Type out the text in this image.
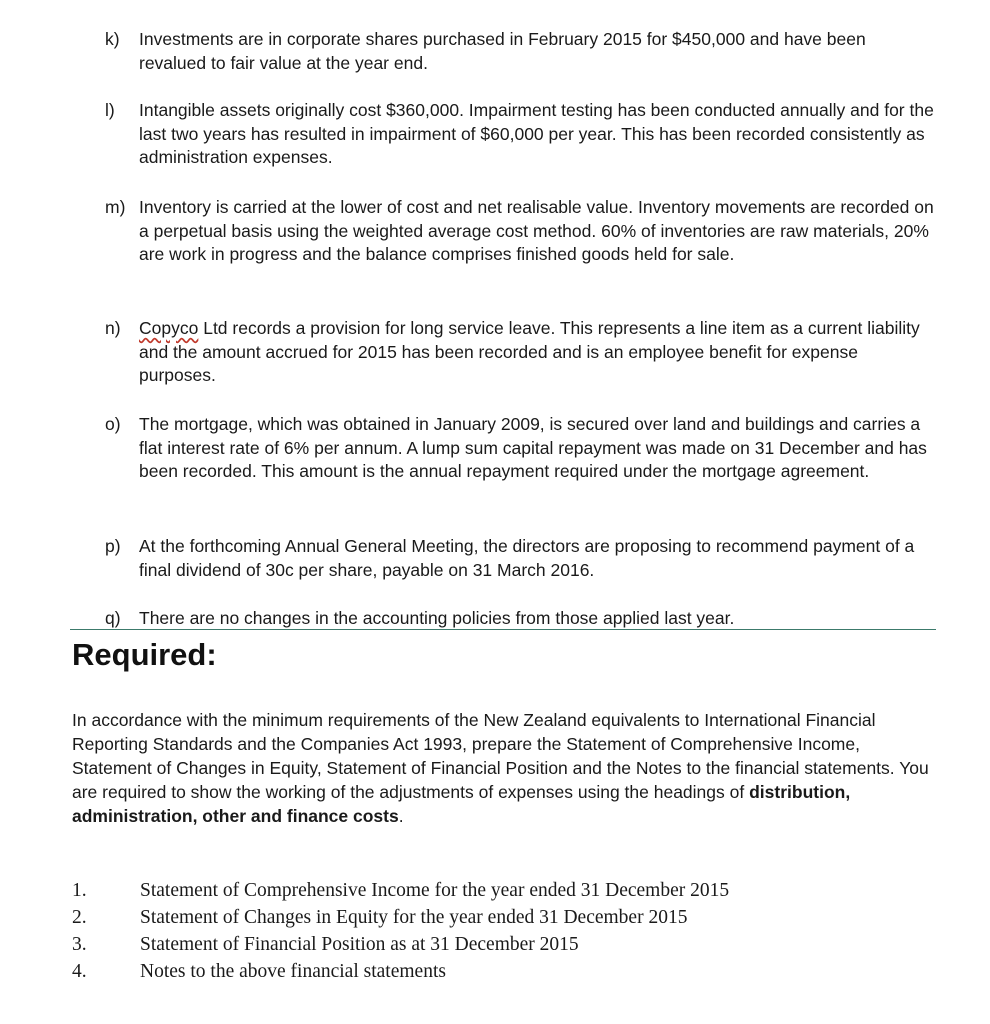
k)	Investments are in corporate shares purchased in February 2015 for $450,000 and have been revalued to fair value at the year end.
l)	Intangible assets originally cost $360,000. Impairment testing has been conducted annually and for the last two years has resulted in impairment of $60,000 per year. This has been recorded consistently as administration expenses.
m) Inventory is carried at the lower of cost and net realisable value. Inventory movements are recorded on a perpetual basis using the weighted average cost method. 60% of inventories are raw materials, 20% are work in progress and the balance comprises finished goods held for sale.
n)	Copyco Ltd records a provision for long service leave. This represents a line item as a current liability and the amount accrued for 2015 has been recorded and is an employee benefit for expense purposes.
o)	The mortgage, which was obtained in January 2009, is secured over land and buildings and carries a flat interest rate of 6% per annum. A lump sum capital repayment was made on 31 December and has been recorded. This amount is the annual repayment required under the mortgage agreement.
p)	At the forthcoming Annual General Meeting, the directors are proposing to recommend payment of a final dividend of 30c per share, payable on 31 March 2016.
q)	There are no changes in the accounting policies from those applied last year.
Required:
In accordance with the minimum requirements of the New Zealand equivalents to International Financial Reporting Standards and the Companies Act 1993, prepare the Statement of Comprehensive Income, Statement of Changes in Equity, Statement of Financial Position and the Notes to the financial statements. You are required to show the working of the adjustments of expenses using the headings of distribution, administration, other and finance costs.
1.	Statement of Comprehensive Income for the year ended 31 December 2015
2.	Statement of Changes in Equity for the year ended 31 December 2015
3.	Statement of Financial Position as at 31 December 2015
4.	Notes to the above financial statements
